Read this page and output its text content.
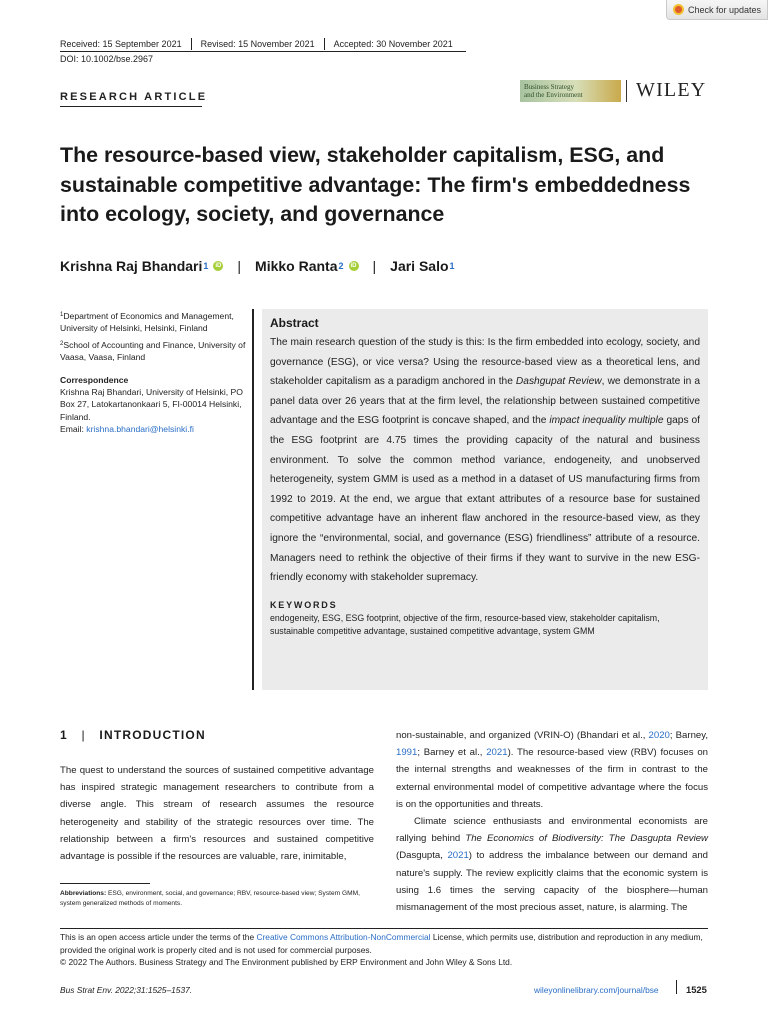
Check for updates
Received: 15 September 2021 Revised: 15 November 2021 Accepted: 30 November 2021
DOI: 10.1002/bse.2967
RESEARCH ARTICLE
Business Strategy
and the Environment	WILEY
The resource-based view, stakeholder capitalism, ESG, and sustainable competitive advantage: The firm's embeddedness into ecology, society, and governance
Krishna Raj Bhandari 1	iD | Mikko Ranta 2	iD | Jari Salo 1

$^1$Department of Economics and Management, University of Helsinki, Helsinki, Finland

$^2$School of Accounting and Finance, University of Vaasa, Vaasa, Finland

Correspondence

Krishna Raj Bhandari, University of Helsinki, PO Box 27, Latokartanonkaari 5, FI-00014 Helsinki, Finland.
Email: krishna.bhandari@helsinki.fi

Abstract

The main research question of the study is this: Is the firm embedded into ecology, society, and governance (ESG), or vice versa? Using the resource-based view as a theoretical lens, and stakeholder capitalism as a paradigm anchored in the Dashgupat Review, we demonstrate in a panel data over 26 years that at the firm level, the relationship between sustained competitive advantage and the ESG footprint is concave shaped, and the impact inequality multiple gaps of the ESG footprint are 4.75 times the providing capacity of the natural and business environment. To solve the common method variance, endogeneity, and unobserved heterogeneity, system GMM is used as a method in a dataset of US manufacturing firms from 1992 to 2019. At the end, we argue that extant attributes of a resource base for sustained competitive advantage have an inherent flaw anchored in the resource-based view, as they ignore the “environmental, social, and governance (ESG) friendliness” attribute of a resource. Managers need to rethink the objective of their firms if they want to survive in the new ESG-friendly economy with stakeholder supremacy.

KEYWORDS
endogeneity, ESG, ESG footprint, objective of the firm, resource-based view, stakeholder capitalism, sustainable competitive advantage, sustained competitive advantage, system GMM
1 | INTRODUCTION

The quest to understand the sources of sustained competitive advantage has inspired strategic management researchers to contribute from a diverse angle. This stream of research assumes the resource heterogeneity and stability of the strategic resources over time. The relationship between a firm's resources and sustained competitive advantage is possible if the resources are valuable, rare, inimitable,

Abbreviations: ESG, environment, social, and governance; RBV, resource-based view; System GMM, system generalized methods of moments.

non-sustainable, and organized (VRIN-O) (Bhandari et al., 2020; Barney, 1991; Barney et al., 2021). The resource-based view (RBV) focuses on the internal strengths and weaknesses of the firm in contrast to the external environmental model of competitive advantage where the focus is on the opportunities and threats.

Climate science enthusiasts and environmental economists are rallying behind The Economics of Biodiversity: The Dasgupta Review (Dasgupta, 2021) to address the imbalance between our demand and nature's supply. The review explicitly claims that the economic system is using 1.6 times the serving capacity of the biosphere—human mismanagement of the most precious asset, nature, is alarming. The

This is an open access article under the terms of the Creative Commons Attribution-NonCommercial License, which permits use, distribution and reproduction in any medium, provided the original work is properly cited and is not used for commercial purposes.
© 2022 The Authors. Business Strategy and The Environment published by ERP Environment and John Wiley & Sons Ltd.
Bus Strat Env. 2022;31:1525–1537.	wileyonlinelibrary.com/journal/bse	1525
